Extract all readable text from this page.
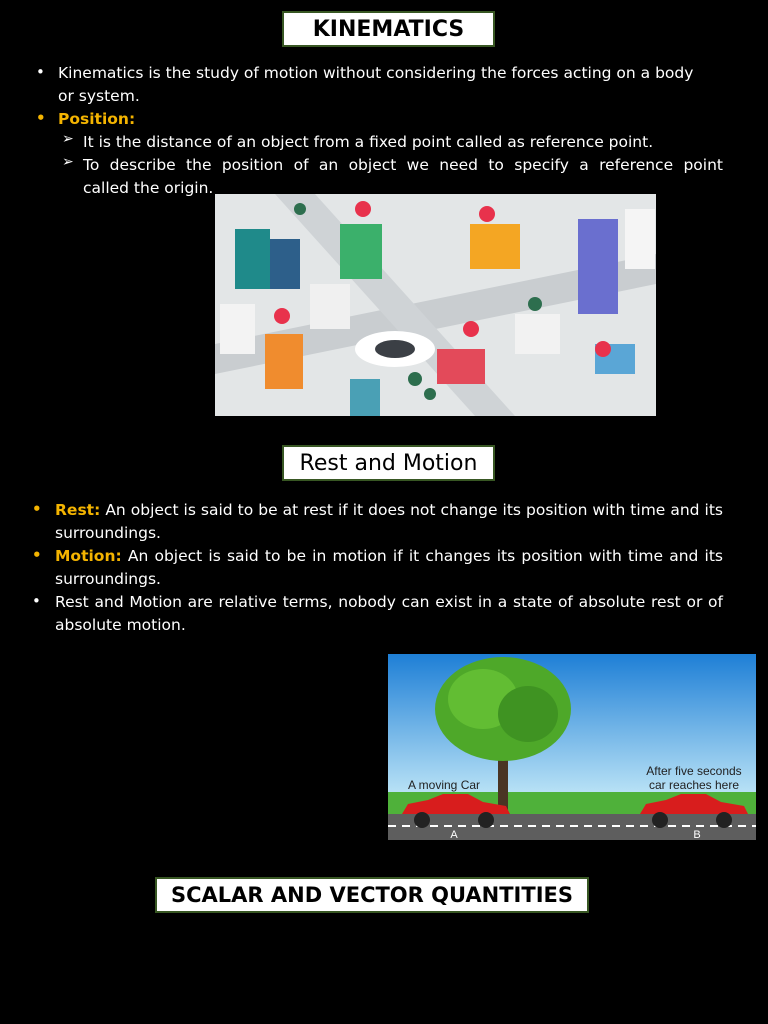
KINEMATICS
• Kinematics is the study of motion without considering the forces acting on a body
or system.
• Position:
➢ It is the distance of an object from a fixed point called as reference point.
➢ To describe the position of an object we need to specify a reference point
called the origin.
Rest and Motion
• Rest: An object is said to be at rest if it does not change its position with time and its
surroundings.
• Motion: An object is said to be in motion if it changes its position with time and its
surroundings.
• Rest and Motion are relative terms, nobody can exist in a state of absolute rest or of
absolute motion.
A moving Car
After five seconds
car reaches here
A	B
SCALAR AND VECTOR QUANTITIES
